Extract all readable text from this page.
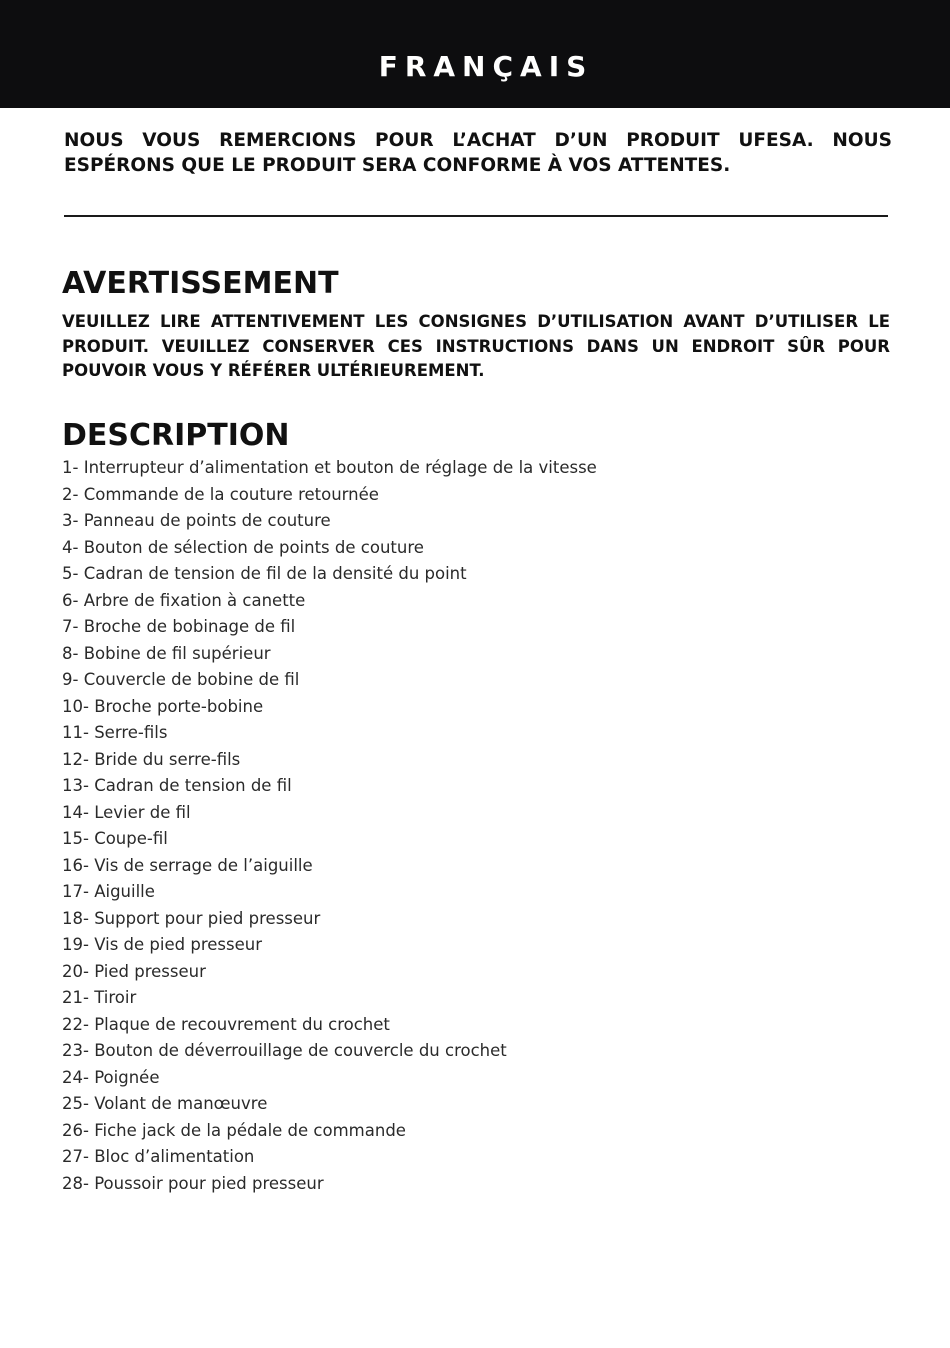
FRANÇAIS
NOUS VOUS REMERCIONS POUR L’ACHAT D’UN PRODUIT UFESA. NOUS ESPÉRONS QUE LE PRODUIT SERA CONFORME À VOS ATTENTES.
AVERTISSEMENT
VEUILLEZ LIRE ATTENTIVEMENT LES CONSIGNES D’UTILISATION AVANT D’UTILISER LE PRODUIT. VEUILLEZ CONSERVER CES INSTRUCTIONS DANS UN ENDROIT SÛR POUR POUVOIR VOUS Y RÉFÉRER ULTÉRIEUREMENT.
DESCRIPTION
1- Interrupteur d’alimentation et bouton de réglage de la vitesse
2- Commande de la couture retournée
3- Panneau de points de couture
4- Bouton de sélection de points de couture
5- Cadran de tension de fil de la densité du point
6- Arbre de fixation à canette
7- Broche de bobinage de fil
8- Bobine de fil supérieur
9- Couvercle de bobine de fil
10- Broche porte-bobine
11- Serre-fils
12- Bride du serre-fils
13- Cadran de tension de fil
14- Levier de fil
15- Coupe-fil
16- Vis de serrage de l’aiguille
17- Aiguille
18- Support pour pied presseur
19- Vis de pied presseur
20- Pied presseur
21- Tiroir
22- Plaque de recouvrement du crochet
23- Bouton de déverrouillage de couvercle du crochet
24- Poignée
25- Volant de manœuvre
26- Fiche jack de la pédale de commande
27- Bloc d’alimentation
28- Poussoir pour pied presseur
